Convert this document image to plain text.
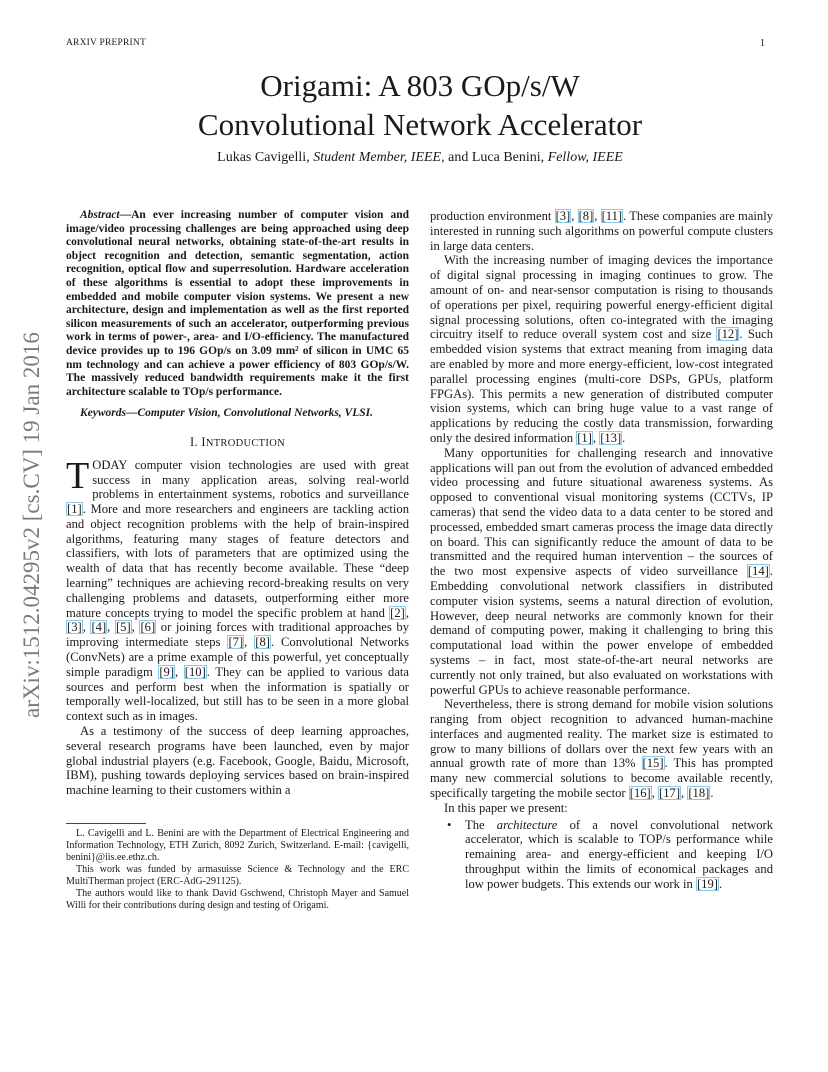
ARXIV PREPRINT	1
arXiv:1512.04295v2 [cs.CV] 19 Jan 2016
Origami: A 803 GOp/s/W
Convolutional Network Accelerator
Lukas Cavigelli, Student Member, IEEE, and Luca Benini, Fellow, IEEE

Abstract—An ever increasing number of computer vision and image/video processing challenges are being approached using deep convolutional neural networks, obtaining state-of-the-art results in object recognition and detection, semantic segmentation, action recognition, optical flow and superresolution. Hardware acceleration of these algorithms is essential to adopt these improvements in embedded and mobile computer vision systems. We present a new architecture, design and implementation as well as the first reported silicon measurements of such an accelerator, outperforming previous work in terms of power-, area- and I/O-efficiency. The manufactured device provides up to 196 GOp/s on 3.09 mm² of silicon in UMC 65 nm technology and can achieve a power efficiency of 803 GOp/s/W. The massively reduced bandwidth requirements make it the first architecture scalable to TOp/s performance.

Keywords—Computer Vision, Convolutional Networks, VLSI.

I. INTRODUCTION

TODAY computer vision technologies are used with great success in many application areas, solving real-world problems in entertainment systems, robotics and surveillance [1]. More and more researchers and engineers are tackling action and object recognition problems with the help of brain-inspired algorithms, featuring many stages of feature detectors and classifiers, with lots of parameters that are optimized using the wealth of data that has recently become available. These “deep learning” techniques are achieving record-breaking results on very challenging problems and datasets, outperforming either more mature concepts trying to model the specific problem at hand [2], [3], [4], [5], [6] or joining forces with traditional approaches by improving intermediate steps [7], [8]. Convolutional Networks (ConvNets) are a prime example of this powerful, yet conceptually simple paradigm [9], [10]. They can be applied to various data sources and perform best when the information is spatially or temporally well-localized, but still has to be seen in a more global context such as in images.

As a testimony of the success of deep learning approaches, several research programs have been launched, even by major global industrial players (e.g. Facebook, Google, Baidu, Microsoft, IBM), pushing towards deploying services based on brain-inspired machine learning to their customers within a

L. Cavigelli and L. Benini are with the Department of Electrical Engineering and Information Technology, ETH Zurich, 8092 Zurich, Switzerland. E-mail: {cavigelli, benini}@iis.ee.ethz.ch.

This work was funded by armasuisse Science & Technology and the ERC MultiTherman project (ERC-AdG-291125).

The authors would like to thank David Gschwend, Christoph Mayer and Samuel Willi for their contributions during design and testing of Origami.

production environment [3], [8], [11]. These companies are mainly interested in running such algorithms on powerful compute clusters in large data centers.

With the increasing number of imaging devices the importance of digital signal processing in imaging continues to grow. The amount of on- and near-sensor computation is rising to thousands of operations per pixel, requiring powerful energy-efficient digital signal processing solutions, often co-integrated with the imaging circuitry itself to reduce overall system cost and size [12]. Such embedded vision systems that extract meaning from imaging data are enabled by more and more energy-efficient, low-cost integrated parallel processing engines (multi-core DSPs, GPUs, platform FPGAs). This permits a new generation of distributed computer vision systems, which can bring huge value to a vast range of applications by reducing the costly data transmission, forwarding only the desired information [1], [13].

Many opportunities for challenging research and innovative applications will pan out from the evolution of advanced embedded video processing and future situational awareness systems. As opposed to conventional visual monitoring systems (CCTVs, IP cameras) that send the video data to a data center to be stored and processed, embedded smart cameras process the image data directly on board. This can significantly reduce the amount of data to be transmitted and the required human intervention – the sources of the two most expensive aspects of video surveillance [14]. Embedding convolutional network classifiers in distributed computer vision systems, seems a natural direction of evolution, However, deep neural networks are commonly known for their demand of computing power, making it challenging to bring this computational load within the power envelope of embedded systems – in fact, most state-of-the-art neural networks are currently not only trained, but also evaluated on workstations with powerful GPUs to achieve reasonable performance.

Nevertheless, there is strong demand for mobile vision solutions ranging from object recognition to advanced human-machine interfaces and augmented reality. The market size is estimated to grow to many billions of dollars over the next few years with an annual growth rate of more than 13% [15]. This has prompted many new commercial solutions to become available recently, specifically targeting the mobile sector [16], [17], [18].

In this paper we present:

• The architecture of a novel convolutional network accelerator, which is scalable to TOP/s performance while remaining area- and energy-efficient and keeping I/O throughput within the limits of economical packages and low power budgets. This extends our work in [19].
